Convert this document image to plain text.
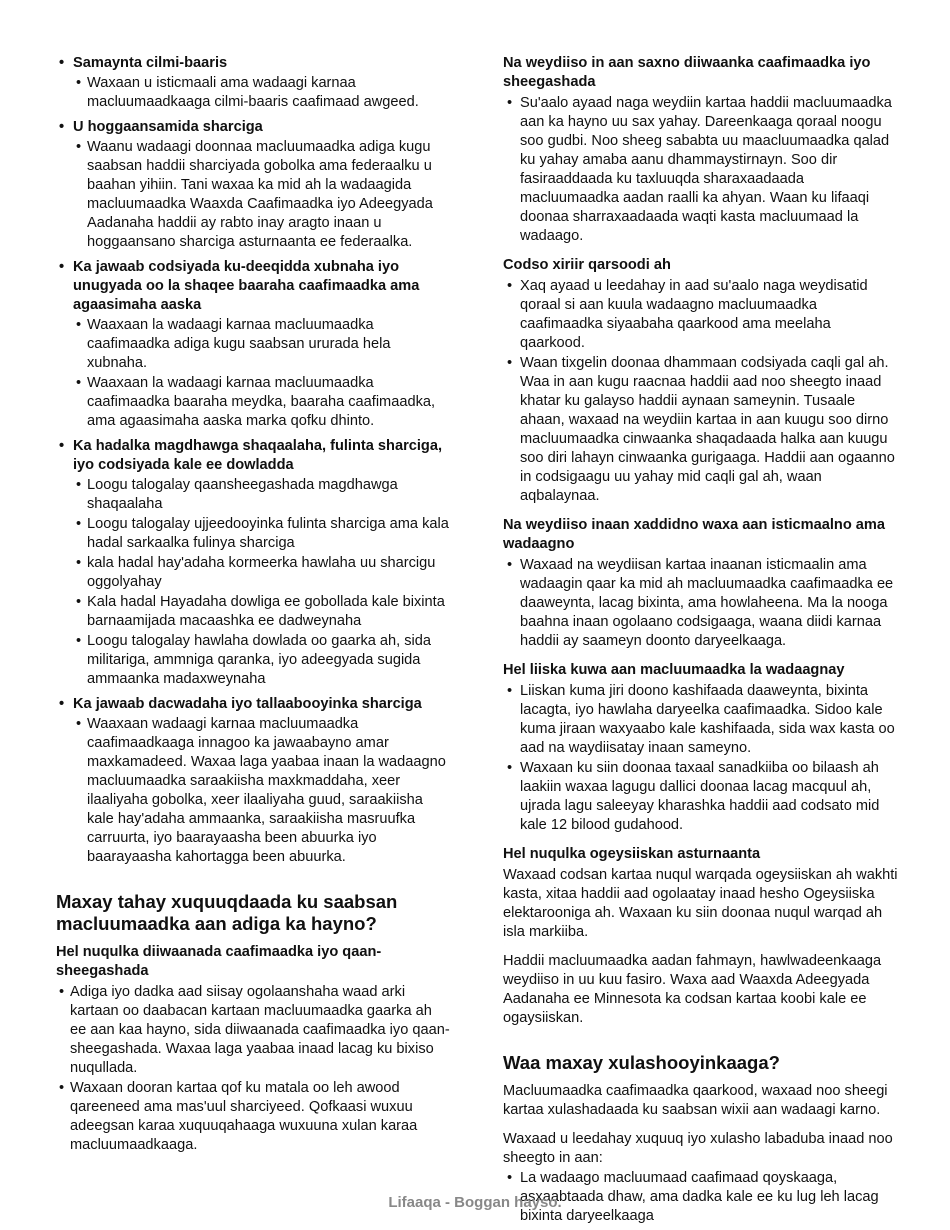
• Samaynta cilmi-baaris
• Waxaan u isticmaali ama wadaagi karnaa macluumaadkaaga cilmi-baaris caafimaad awgeed.
• U hoggaansamida sharciga
• Waanu wadaagi doonnaa macluumaadka adiga kugu saabsan haddii sharciyada gobolka ama federaalku u baahan yihiin. Tani waxaa ka mid ah la wadaagida macluumaadka Waaxda Caafimaadka iyo Adeegyada Aadanaha haddii ay rabto inay aragto inaan u hoggaansano sharciga asturnaanta ee federaalka.
• Ka jawaab codsiyada ku-deeqidda xubnaha iyo unugyada oo la shaqee baaraha caafimaadka ama agaasimaha aaska
• Waaxaan la wadaagi karnaa macluumaadka caafimaadka adiga kugu saabsan ururada hela xubnaha.
• Waaxaan la wadaagi karnaa macluumaadka caafimaadka baaraha meydka, baaraha caafimaadka, ama agaasimaha aaska marka qofku dhinto.
• Ka hadalka magdhawga shaqaalaha, fulinta sharciga, iyo codsiyada kale ee dowladda
• Loogu talogalay qaansheegashada magdhawga shaqaalaha
• Loogu talogalay ujjeedooyinka fulinta sharciga ama kala hadal sarkaalka fulinya sharciga
• kala hadal hay'adaha kormeerka hawlaha uu sharcigu oggolyahay
• Kala hadal Hayadaha dowliga ee gobollada kale bixinta barnaamijada macaashka ee dadweynaha
• Loogu talogalay hawlaha dowlada oo gaarka ah, sida militariga, ammniga qaranka, iyo adeegyada sugida ammaanka madaxweynaha
• Ka jawaab dacwadaha iyo tallaabooyinka sharciga
• Waaxaan wadaagi karnaa macluumaadka caafimaadkaaga innagoo ka jawaabayno amar maxkamadeed. Waxaa laga yaabaa inaan la wadaagno macluumaadka saraakiisha maxkmaddaha, xeer ilaaliyaha gobolka, xeer ilaaliyaha guud, saraakiisha kale hay'adaha ammaanka, saraakiisha masruufka carruurta, iyo baarayaasha been abuurka iyo baarayaasha kahortagga been abuurka.
Maxay tahay xuquuqdaada ku saabsan macluumaadka aan adiga ka hayno?
Hel nuqulka diiwaanada caafimaadka iyo qaan-sheegashada
• Adiga iyo dadka aad siisay ogolaanshaha waad arki kartaan oo daabacan kartaan macluumaadka gaarka ah ee aan kaa hayno, sida diiwaanada caafimaadka iyo qaan-sheegashada. Waxaa laga yaabaa inaad lacag ku bixiso nuqullada.
• Waxaan dooran kartaa qof ku matala oo leh awood qareeneed ama mas'uul sharciyeed. Qofkaasi wuxuu adeegsan karaa xuquuqahaaga wuxuuna xulan karaa macluumaadkaaga.
Na weydiiso in aan saxno diiwaanka caafimaadka iyo sheegashada
• Su'aalo ayaad naga weydiin kartaa haddii macluumaadka aan ka hayno uu sax yahay. Dareenkaaga qoraal noogu soo gudbi. Noo sheeg sababta uu maacluumaadka qalad ku yahay amaba aanu dhammaystirnayn. Soo dir fasiraaddaada ku taxluuqda sharaxaadaada macluumaadka aadan raalli ka ahyan. Waan ku lifaaqi doonaa sharraxaadaada waqti kasta macluumaad la wadaago.
Codso xiriir qarsoodi ah
• Xaq ayaad u leedahay in aad su'aalo naga weydisatid qoraal si aan kuula wadaagno macluumaadka caafimaadka siyaabaha qaarkood ama meelaha qaarkood.
• Waan tixgelin doonaa dhammaan codsiyada caqli gal ah. Waa in aan kugu raacnaa haddii aad noo sheegto inaad khatar ku galayso haddii aynaan sameynin. Tusaale ahaan, waxaad na weydiin kartaa in aan kuugu soo dirno macluumaadka cinwaanka shaqadaada halka aan kuugu soo diri lahayn cinwaanka gurigaaga. Haddii aan ogaanno in codsigaagu uu yahay mid caqli gal ah, waan aqbalaynaa.
Na weydiiso inaan xaddidno waxa aan isticmaalno ama wadaagno
• Waxaad na weydiisan kartaa inaanan isticmaalin ama wadaagin qaar ka mid ah macluumaadka caafimaadka ee daaweynta, lacag bixinta, ama howlaheena. Ma la nooga baahna inaan ogolaano codsigaaga, waana diidi karnaa haddii ay saameyn doonto daryeelkaaga.
Hel liiska kuwa aan macluumaadka la wadaagnay
• Liiskan kuma jiri doono kashifaada daaweynta, bixinta lacagta, iyo hawlaha daryeelka caafimaadka. Sidoo kale kuma jiraan waxyaabo kale kashifaada, sida wax kasta oo aad na waydiisatay inaan sameyno.
• Waxaan ku siin doonaa taxaal sanadkiiba oo bilaash ah laakiin waxaa lagugu dallici doonaa lacag macquul ah, ujrada lagu saleeyay kharashka haddii aad codsato mid kale 12 bilood gudahood.
Hel nuqulka ogeysiiskan asturnaanta

Waxaad codsan kartaa nuqul warqada ogeysiiskan ah wakhti kasta, xitaa haddii aad ogolaatay inaad hesho Ogeysiiska elektarooniga ah. Waxaan ku siin doonaa nuqul warqad ah isla markiiba.

Haddii macluumaadka aadan fahmayn, hawlwadeenkaaga weydiiso in uu kuu fasiro. Waxa aad Waaxda Adeegyada Aadanaha ee Minnesota ka codsan kartaa koobi kale ee ogaysiiskan.

Waa maxay xulashooyinkaaga?

Macluumaadka caafimaadka qaarkood, waxaad noo sheegi kartaa xulashadaada ku saabsan wixii aan wadaagi karno.

Waxaad u leedahay xuquuq iyo xulasho labaduba inaad noo sheegto in aan:

• La wadaago macluumaad caafimaad qoyskaaga, asxaabtaada dhaw, ama dadka kale ee ku lug leh lacag bixinta daryeelkaaga
Lifaaqa - Boggan hayso.
